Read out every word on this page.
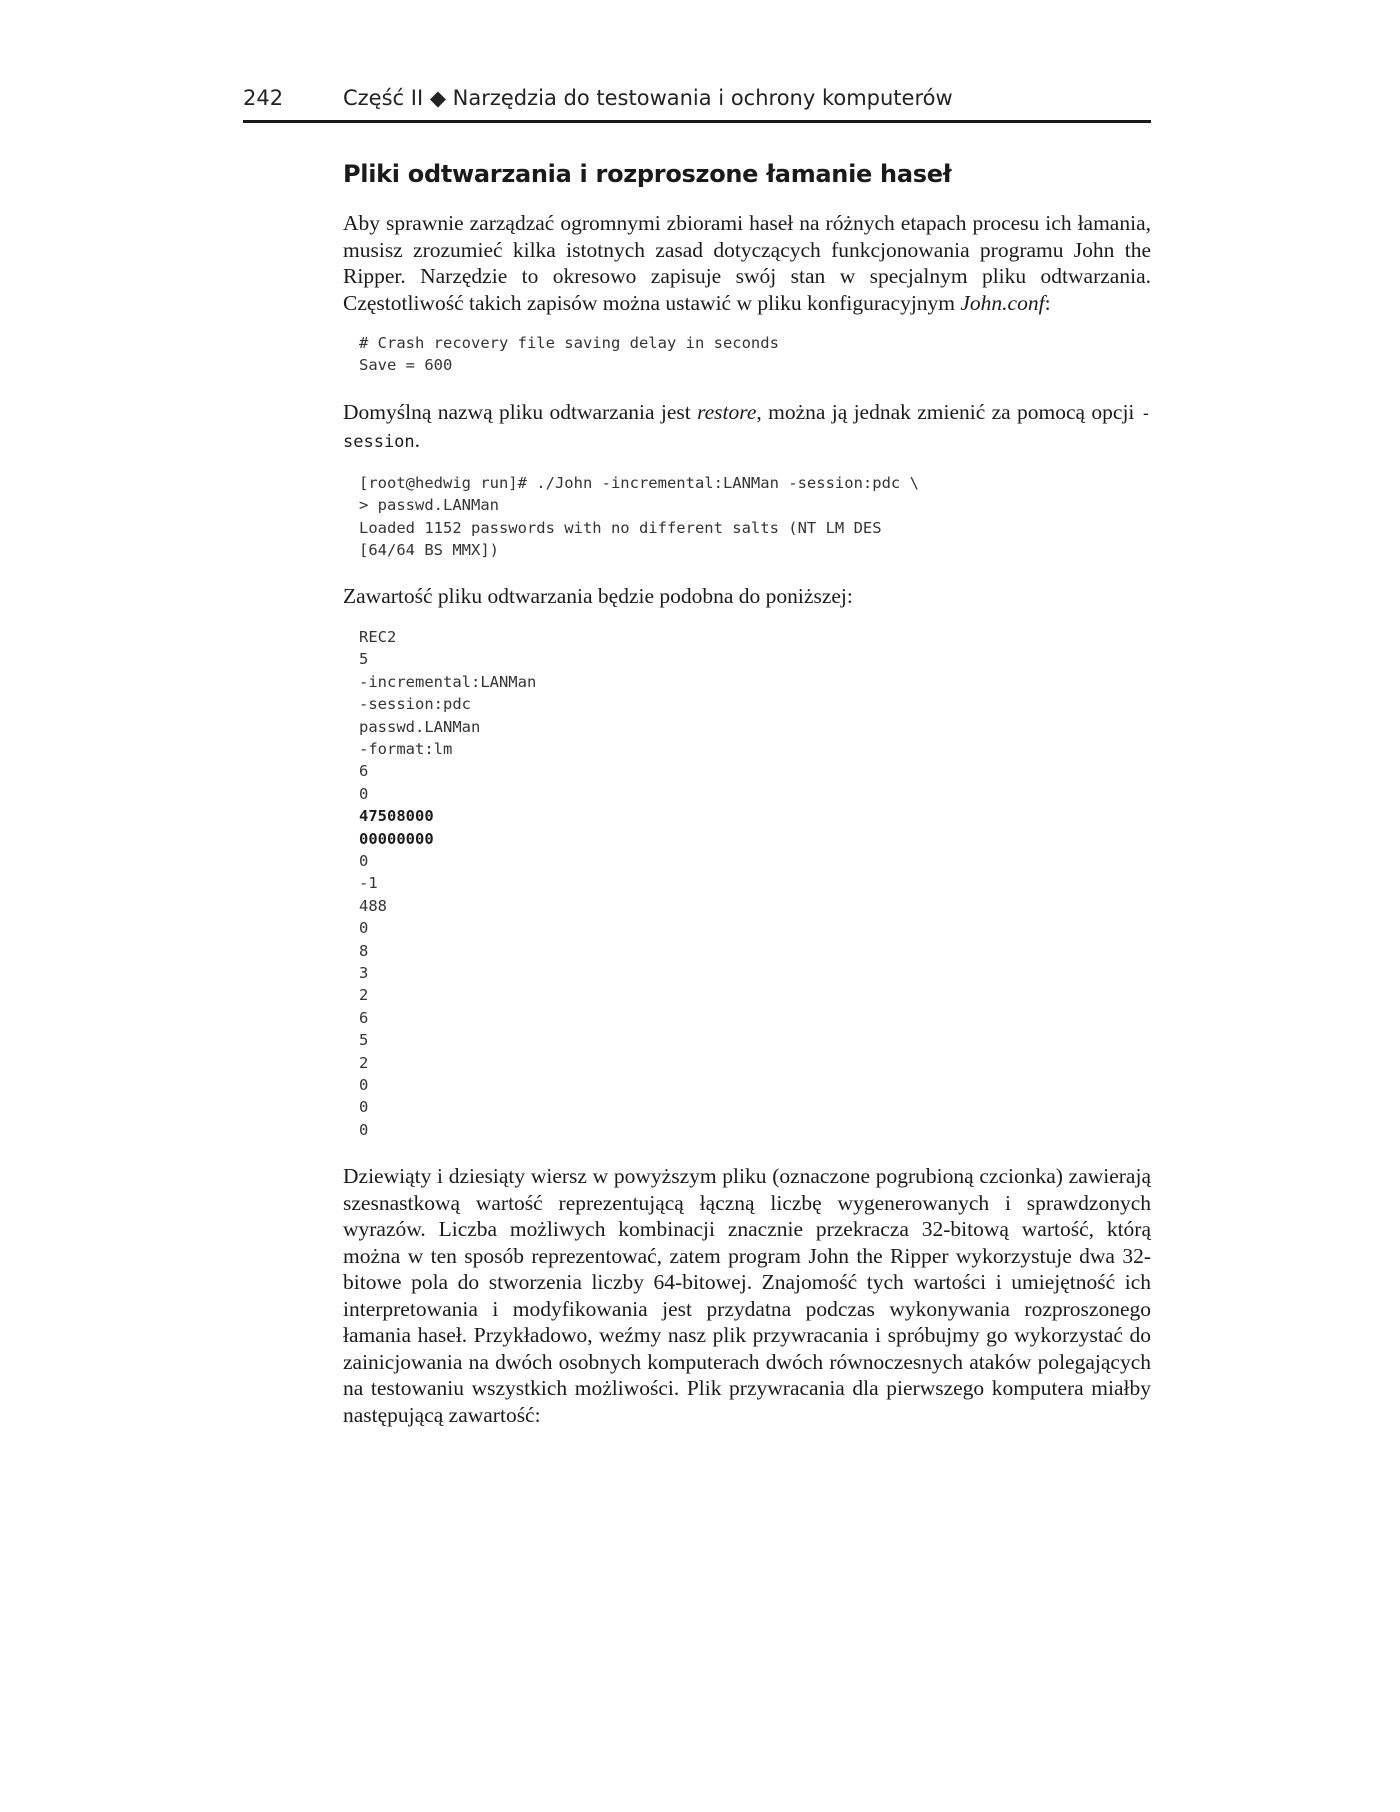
242	Część II ◆ Narzędzia do testowania i ochrony komputerów
Pliki odtwarzania i rozproszone łamanie haseł

Aby sprawnie zarządzać ogromnymi zbiorami haseł na różnych etapach procesu ich łamania, musisz zrozumieć kilka istotnych zasad dotyczących funkcjonowania programu John the Ripper. Narzędzie to okresowo zapisuje swój stan w specjalnym pliku odtwarzania. Częstotliwość takich zapisów można ustawić w pliku konfiguracyjnym John.conf:

# Crash recovery file saving delay in seconds
Save = 600

Domyślną nazwą pliku odtwarzania jest restore, można ją jednak zmienić za pomocą opcji -session.

[root@hedwig run]# ./John -incremental:LANMan -session:pdc \
> passwd.LANMan
Loaded 1152 passwords with no different salts (NT LM DES
[64/64 BS MMX])

Zawartość pliku odtwarzania będzie podobna do poniższej:

REC2
5
-incremental:LANMan
-session:pdc
passwd.LANMan
-format:lm
6
0
47508000
00000000
0
-1
488
0
8
3
2
6
5
2
0
0
0

Dziewiąty i dziesiąty wiersz w powyższym pliku (oznaczone pogrubioną czcionka) zawierają szesnastkową wartość reprezentującą łączną liczbę wygenerowanych i sprawdzonych wyrazów. Liczba możliwych kombinacji znacznie przekracza 32-bitową wartość, którą można w ten sposób reprezentować, zatem program John the Ripper wykorzystuje dwa 32-bitowe pola do stworzenia liczby 64-bitowej. Znajomość tych wartości i umiejętność ich interpretowania i modyfikowania jest przydatna podczas wykonywania rozproszonego łamania haseł. Przykładowo, weźmy nasz plik przywracania i spróbujmy go wykorzystać do zainicjowania na dwóch osobnych komputerach dwóch równoczesnych ataków polegających na testowaniu wszystkich możliwości. Plik przywracania dla pierwszego komputera miałby następującą zawartość:
